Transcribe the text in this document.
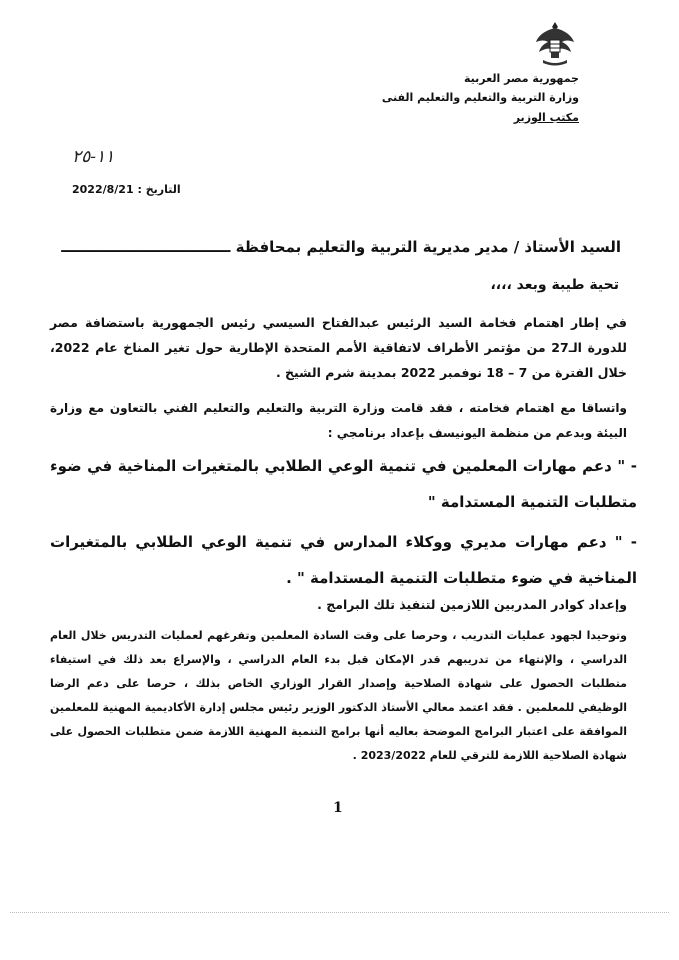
جمهورية مصر العربية
وزارة التربية والتعليم والتعليم الفنى
مكتب الوزير
١١-٢٥
التاريخ : 2022/8/21
السيد الأستاذ / مدير مديرية التربية والتعليم بمحافظة ـــــــــــــــــــــــــــــــــ
تحية طيبة وبعد ،،،،

في إطار اهتمام فخامة السيد الرئيس عبدالفتاح السيسي رئيس الجمهورية باستضافة مصر للدورة الـ27 من مؤتمر الأطراف لاتفاقية الأمم المتحدة الإطارية حول تغير المناخ عام 2022، خلال الفترة من 7 – 18 نوفمبر 2022 بمدينة شرم الشيخ .

واتساقا مع اهتمام فخامته ، فقد قامت وزارة التربية والتعليم والتعليم الفني بالتعاون مع وزارة البيئة وبدعم من منظمة اليونيسف بإعداد برنامجي :

- " دعم مهارات المعلمين في تنمية الوعي الطلابي بالمتغيرات المناخية في ضوء متطلبات التنمية المستدامة "

- " دعم مهارات مديري ووكلاء المدارس في تنمية الوعي الطلابي بالمتغيرات المناخية في ضوء متطلبات التنمية المستدامة " .

وإعداد كوادر المدربين اللازمين لتنفيذ تلك البرامج .

وتوحيدا لجهود عمليات التدريب ، وحرصا على وقت السادة المعلمين وتفرغهم لعمليات التدريس خلال العام الدراسي ، والإنتهاء من تدريبهم قدر الإمكان قبل بدء العام الدراسي ، والإسراع بعد ذلك في استيفاء متطلبات الحصول على شهادة الصلاحية وإصدار القرار الوزاري الخاص بذلك ، حرصا على دعم الرضا الوظيفي للمعلمين . فقد اعتمد معالي الأستاذ الدكتور الوزير رئيس مجلس إدارة الأكاديمية المهنية للمعلمين الموافقة على اعتبار البرامج الموضحة بعاليه أنها برامج التنمية المهنية اللازمة ضمن متطلبات الحصول على شهادة الصلاحية اللازمة للترقي للعام 2023/2022 .

1
